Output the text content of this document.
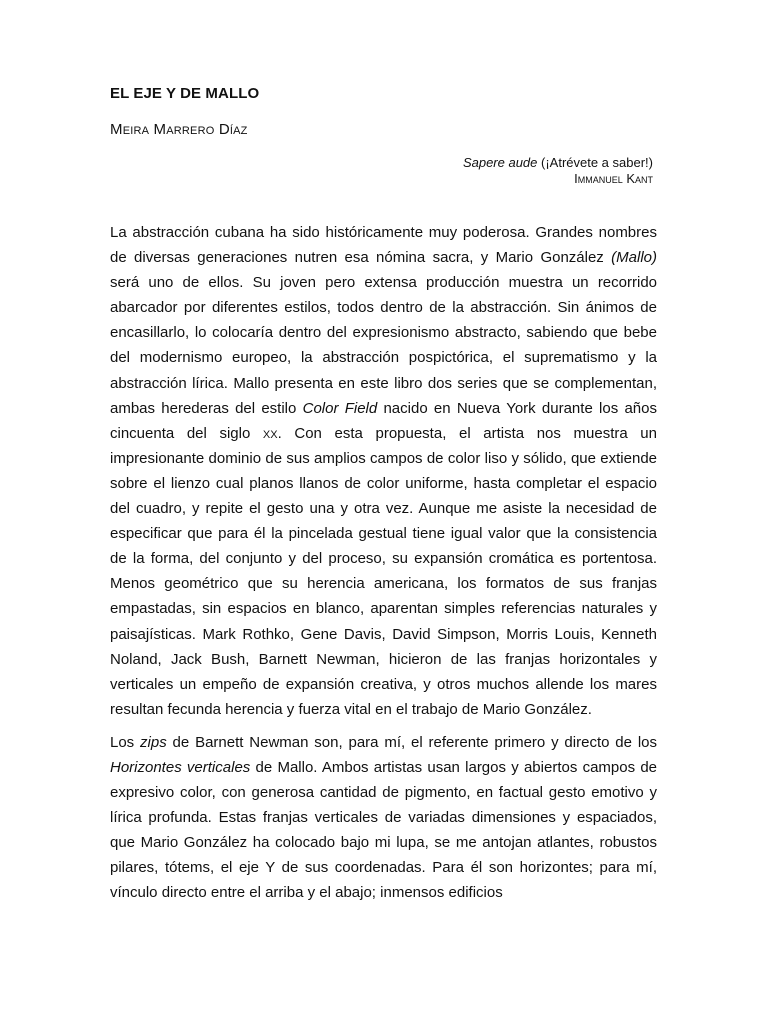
EL EJE Y DE MALLO
Meira Marrero Díaz
Sapere aude (¡Atrévete a saber!)
Immanuel Kant

La abstracción cubana ha sido históricamente muy poderosa. Grandes nombres de diversas generaciones nutren esa nómina sacra, y Mario González (Mallo) será uno de ellos. Su joven pero extensa producción muestra un recorrido abarcador por diferentes estilos, todos dentro de la abstracción. Sin ánimos de encasillarlo, lo colocaría dentro del expresionismo abstracto, sabiendo que bebe del modernismo europeo, la abstracción pospictórica, el suprematismo y la abstracción lírica. Mallo presenta en este libro dos series que se complementan, ambas herederas del estilo Color Field nacido en Nueva York durante los años cincuenta del siglo xx. Con esta propuesta, el artista nos muestra un impresionante dominio de sus amplios campos de color liso y sólido, que extiende sobre el lienzo cual planos llanos de color uniforme, hasta completar el espacio del cuadro, y repite el gesto una y otra vez. Aunque me asiste la necesidad de especificar que para él la pincelada gestual tiene igual valor que la consistencia de la forma, del conjunto y del proceso, su expansión cromática es portentosa. Menos geométrico que su herencia americana, los formatos de sus franjas empastadas, sin espacios en blanco, aparentan simples referencias naturales y paisajísticas. Mark Rothko, Gene Davis, David Simpson, Morris Louis, Kenneth Noland, Jack Bush, Barnett Newman, hicieron de las franjas horizontales y verticales un empeño de expansión creativa, y otros muchos allende los mares resultan fecunda herencia y fuerza vital en el trabajo de Mario González.

Los zips de Barnett Newman son, para mí, el referente primero y directo de los Horizontes verticales de Mallo. Ambos artistas usan largos y abiertos campos de expresivo color, con generosa cantidad de pigmento, en factual gesto emotivo y lírica profunda. Estas franjas verticales de variadas dimensiones y espaciados, que Mario González ha colocado bajo mi lupa, se me antojan atlantes, robustos pilares, tótems, el eje Y de sus coordenadas. Para él son horizontes; para mí, vínculo directo entre el arriba y el abajo; inmensos edificios
